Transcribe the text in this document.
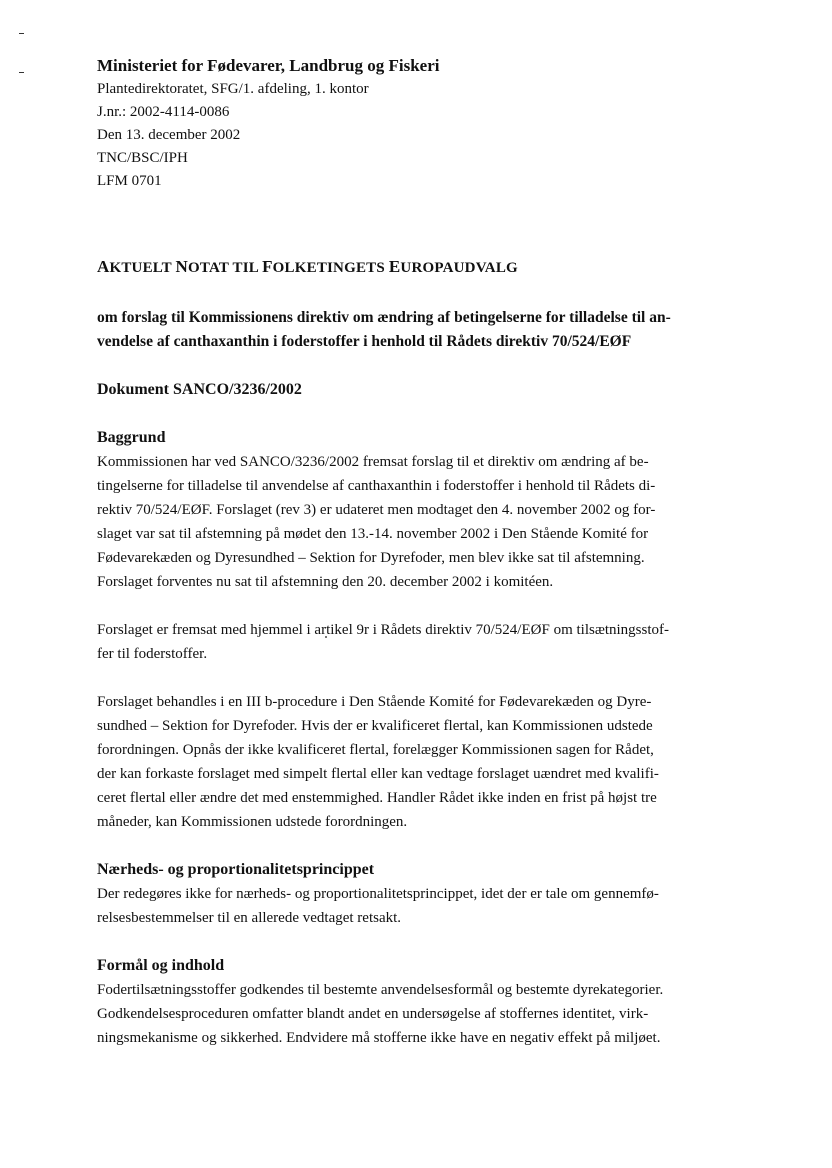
Ministeriet for Fødevarer, Landbrug og Fiskeri

Plantedirektoratet, SFG/1. afdeling, 1. kontor

J.nr.: 2002-4114-0086

Den 13. december 2002

TNC/BSC/IPH

LFM 0701

AKTUELT NOTAT TIL FOLKETINGETS EUROPAUDVALG

om forslag til Kommissionens direktiv om ændring af betingelserne for tilladelse til an-
vendelse af canthaxanthin i foderstoffer i henhold til Rådets direktiv 70/524/EØF

Dokument SANCO/3236/2002

Baggrund

Kommissionen har ved SANCO/3236/2002 fremsat forslag til et direktiv om ændring af be-
tingelserne for tilladelse til anvendelse af canthaxanthin i foderstoffer i henhold til Rådets di-
rektiv 70/524/EØF. Forslaget (rev 3) er udateret men modtaget den 4. november 2002 og for-
slaget var sat til afstemning på mødet den 13.-14. november 2002 i Den Stående Komité for
Fødevarekæden og Dyresundhed – Sektion for Dyrefoder, men blev ikke sat til afstemning.
Forslaget forventes nu sat til afstemning den 20. december 2002 i komitéen.

Forslaget er fremsat med hjemmel i artikel 9r i Rådets direktiv 70/524/EØF om tilsætningsstof-
fer til foderstoffer.

Forslaget behandles i en III b-procedure i Den Stående Komité for Fødevarekæden og Dyre-
sundhed – Sektion for Dyrefoder. Hvis der er kvalificeret flertal, kan Kommissionen udstede
forordningen. Opnås der ikke kvalificeret flertal, forelægger Kommissionen sagen for Rådet,
der kan forkaste forslaget med simpelt flertal eller kan vedtage forslaget uændret med kvalifi-
ceret flertal eller ændre det med enstemmighed. Handler Rådet ikke inden en frist på højst tre
måneder, kan Kommissionen udstede forordningen.

Nærheds- og proportionalitetsprincippet

Der redegøres ikke for nærheds- og proportionalitetsprincippet, idet der er tale om gennemfø-
relsesbestemmelser til en allerede vedtaget retsakt.

Formål og indhold

Fodertilsætningsstoffer godkendes til bestemte anvendelsesformål og bestemte dyrekategorier.
Godkendelsesproceduren omfatter blandt andet en undersøgelse af stoffernes identitet, virk-
ningsmekanisme og sikkerhed. Endvidere må stofferne ikke have en negativ effekt på miljøet.
